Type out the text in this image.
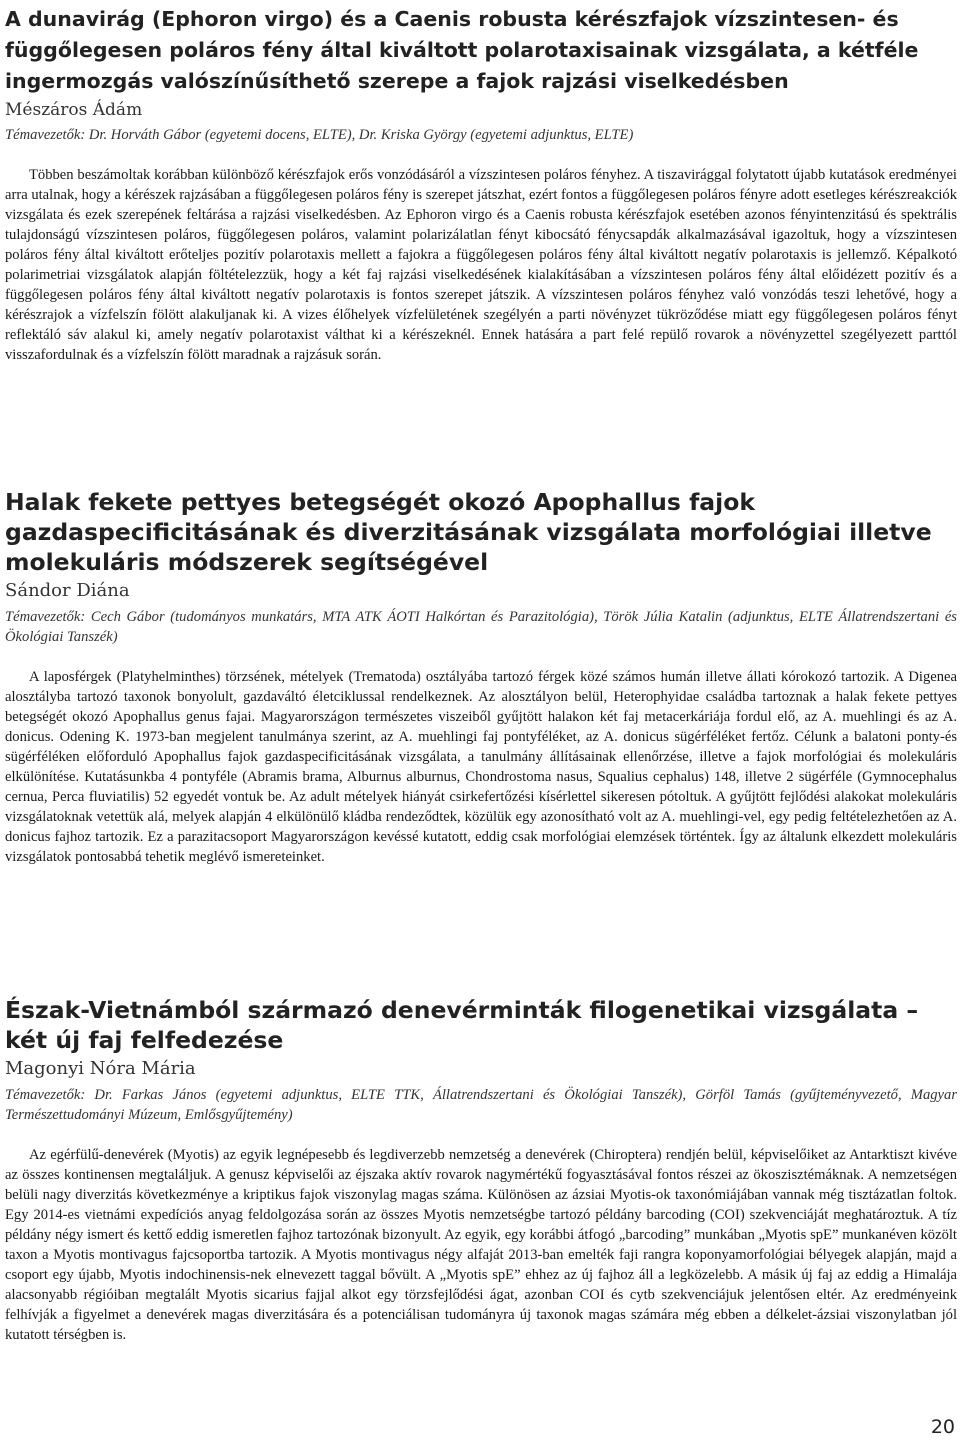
A dunavirág (Ephoron virgo) és a Caenis robusta kérészfajok vízszintesen- és függőlegesen poláros fény által kiváltott polarotaxisainak vizsgálata, a kétféle ingermozgás valószínűsíthető szerepe a fajok rajzási viselkedésben

Mészáros Ádám

Témavezetők: Dr. Horváth Gábor (egyetemi docens, ELTE), Dr. Kriska György (egyetemi adjunktus, ELTE)

Többen beszámoltak korábban különböző kérészfajok erős vonzódásáról a vízszintesen poláros fényhez. A tiszavirággal folytatott újabb kutatások eredményei arra utalnak, hogy a kérészek rajzásában a függőlegesen poláros fény is szerepet játszhat, ezért fontos a függőlegesen poláros fényre adott esetleges kérészreakciók vizsgálata és ezek szerepének feltárása a rajzási viselkedésben. Az Ephoron virgo és a Caenis robusta kérészfajok esetében azonos fényintenzitású és spektrális tulajdonságú vízszintesen poláros, függőlegesen poláros, valamint polarizálatlan fényt kibocsátó fénycsapdák alkalmazásával igazoltuk, hogy a vízszintesen poláros fény által kiváltott erőteljes pozitív polarotaxis mellett a fajokra a függőlegesen poláros fény által kiváltott negatív polarotaxis is jellemző. Képalkotó polarimetriai vizsgálatok alapján föltételezzük, hogy a két faj rajzási viselkedésének kialakításában a vízszintesen poláros fény által előidézett pozitív és a függőlegesen poláros fény által kiváltott negatív polarotaxis is fontos szerepet játszik. A vízszintesen poláros fényhez való vonzódás teszi lehetővé, hogy a kérészrajok a vízfelszín fölött alakuljanak ki. A vizes élőhelyek vízfelületének szegélyén a parti növényzet tükröződése miatt egy függőlegesen poláros fényt reflektáló sáv alakul ki, amely negatív polarotaxist válthat ki a kérészeknél. Ennek hatására a part felé repülő rovarok a növényzettel szegélyezett parttól visszafordulnak és a vízfelszín fölött maradnak a rajzásuk során.

Halak fekete pettyes betegségét okozó Apophallus fajok gazdaspecificitásának és diverzitásának vizsgálata morfológiai illetve molekuláris módszerek segítségével

Sándor Diána

Témavezetők: Cech Gábor (tudományos munkatárs, MTA ATK ÁOTI Halkórtan és Parazitológia), Török Júlia Katalin (adjunktus, ELTE Állatrendszertani és Ökológiai Tanszék)

A laposférgek (Platyhelminthes) törzsének, mételyek (Trematoda) osztályába tartozó férgek közé számos humán illetve állati kórokozó tartozik. A Digenea alosztályba tartozó taxonok bonyolult, gazdaváltó életciklussal rendelkeznek. Az alosztályon belül, Heterophyidae családba tartoznak a halak fekete pettyes betegségét okozó Apophallus genus fajai. Magyarországon természetes viszeiből gyűjtött halakon két faj metacerkáriája fordul elő, az A. muehlingi és az A. donicus. Odening K. 1973-ban megjelent tanulmánya szerint, az A. muehlingi faj pontyféléket, az A. donicus sügérféléket fertőz. Célunk a balatoni ponty-és sügérféléken előforduló Apophallus fajok gazdaspecificitásának vizsgálata, a tanulmány állításainak ellenőrzése, illetve a fajok morfológiai és molekuláris elkülönítése. Kutatásunkba 4 pontyféle (Abramis brama, Alburnus alburnus, Chondrostoma nasus, Squalius cephalus) 148, illetve 2 sügérféle (Gymnocephalus cernua, Perca fluviatilis) 52 egyedét vontuk be. Az adult mételyek hiányát csirkefertőzési kísérlettel sikeresen pótoltuk. A gyűjtött fejlődési alakokat molekuláris vizsgálatoknak vetettük alá, melyek alapján 4 elkülönülő kládba rendeződtek, közülük egy azonosítható volt az A. muehlingi-vel, egy pedig feltételezhetően az A. donicus fajhoz tartozik. Ez a parazitacsoport Magyarországon kevéssé kutatott, eddig csak morfológiai elemzések történtek. Így az általunk elkezdett molekuláris vizsgálatok pontosabbá tehetik meglévő ismereteinket.

Észak-Vietnámból származó denevérminták filogenetikai vizsgálata – két új faj felfedezése

Magonyi Nóra Mária

Témavezetők: Dr. Farkas János (egyetemi adjunktus, ELTE TTK, Állatrendszertani és Ökológiai Tanszék), Görföl Tamás (gyűjteményvezető, Magyar Természettudományi Múzeum, Emlősgyűjtemény)

Az egérfülű-denevérek (Myotis) az egyik legnépesebb és legdiverzebb nemzetség a denevérek (Chiroptera) rendjén belül, képviselőiket az Antarktiszt kivéve az összes kontinensen megtaláljuk. A genusz képviselői az éjszaka aktív rovarok nagymértékű fogyasztásával fontos részei az ökoszisztémáknak. A nemzetségen belüli nagy diverzitás következménye a kriptikus fajok viszonylag magas száma. Különösen az ázsiai Myotis-ok taxonómiájában vannak még tisztázatlan foltok. Egy 2014-es vietnámi expedíciós anyag feldolgozása során az összes Myotis nemzetségbe tartozó példány barcoding (COI) szekvenciáját meghatároztuk. A tíz példány négy ismert és kettő eddig ismeretlen fajhoz tartozónak bizonyult. Az egyik, egy korábbi átfogó „barcoding” munkában „Myotis spE” munkanéven közölt taxon a Myotis montivagus fajcsoportba tartozik. A Myotis montivagus négy alfaját 2013-ban emelték faji rangra koponyamorfológiai bélyegek alapján, majd a csoport egy újabb, Myotis indochinensis-nek elnevezett taggal bővült. A „Myotis spE” ehhez az új fajhoz áll a legközelebb. A másik új faj az eddig a Himalája alacsonyabb régióiban megtalált Myotis sicarius fajjal alkot egy törzsfejlődési ágat, azonban COI és cytb szekvenciájuk jelentősen eltér. Az eredményeink felhívják a figyelmet a denevérek magas diverzitására és a potenciálisan tudományra új taxonok magas számára még ebben a délkelet-ázsiai viszonylatban jól kutatott térségben is.

20
